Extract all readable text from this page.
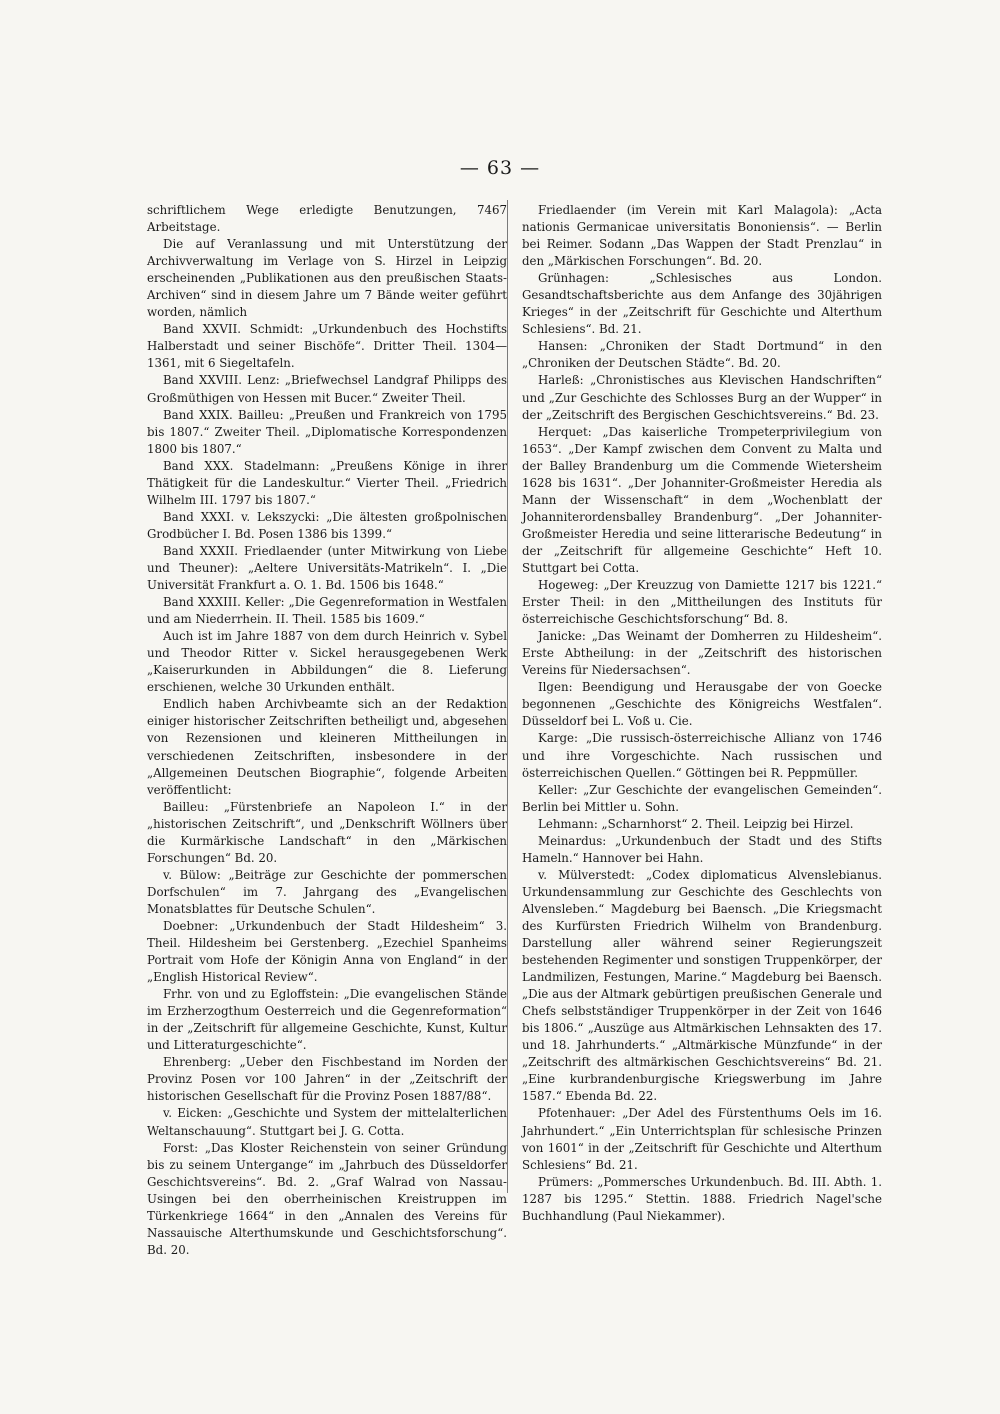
— 63 —

schriftlichem Wege erledigte Benutzungen, 7467 Arbeitstage.

Die auf Veranlassung und mit Unterstützung der Archivverwaltung im Verlage von S. Hirzel in Leipzig erscheinenden „Publikationen aus den preußischen Staats-Archiven“ sind in diesem Jahre um 7 Bände weiter geführt worden, nämlich

Band XXVII. Schmidt: „Urkundenbuch des Hochstifts Halberstadt und seiner Bischöfe“. Dritter Theil. 1304—1361, mit 6 Siegeltafeln.

Band XXVIII. Lenz: „Briefwechsel Landgraf Philipps des Großmüthigen von Hessen mit Bucer.“ Zweiter Theil.

Band XXIX. Bailleu: „Preußen und Frankreich von 1795 bis 1807.“ Zweiter Theil. „Diplomatische Korrespondenzen 1800 bis 1807.“

Band XXX. Stadelmann: „Preußens Könige in ihrer Thätigkeit für die Landeskultur.“ Vierter Theil. „Friedrich Wilhelm III. 1797 bis 1807.“

Band XXXI. v. Lekszycki: „Die ältesten großpolnischen Grodbücher I. Bd. Posen 1386 bis 1399.“

Band XXXII. Friedlaender (unter Mitwirkung von Liebe und Theuner): „Aeltere Universitäts-Matrikeln“. I. „Die Universität Frankfurt a. O. 1. Bd. 1506 bis 1648.“

Band XXXIII. Keller: „Die Gegenreformation in Westfalen und am Niederrhein. II. Theil. 1585 bis 1609.“

Auch ist im Jahre 1887 von dem durch Heinrich v. Sybel und Theodor Ritter v. Sickel herausgegebenen Werk „Kaiserurkunden in Abbildungen“ die 8. Lieferung erschienen, welche 30 Urkunden enthält.

Endlich haben Archivbeamte sich an der Redaktion einiger historischer Zeitschriften betheiligt und, abgesehen von Rezensionen und kleineren Mittheilungen in verschiedenen Zeitschriften, insbesondere in der „Allgemeinen Deutschen Biographie“, folgende Arbeiten veröffentlicht:

Bailleu: „Fürstenbriefe an Napoleon I.“ in der „historischen Zeitschrift“, und „Denkschrift Wöllners über die Kurmärkische Landschaft“ in den „Märkischen Forschungen“ Bd. 20.

v. Bülow: „Beiträge zur Geschichte der pommerschen Dorfschulen“ im 7. Jahrgang des „Evangelischen Monatsblattes für Deutsche Schulen“.

Doebner: „Urkundenbuch der Stadt Hildesheim“ 3. Theil. Hildesheim bei Gerstenberg. „Ezechiel Spanheims Portrait vom Hofe der Königin Anna von England“ in der „English Historical Review“.

Frhr. von und zu Egloffstein: „Die evangelischen Stände im Erzherzogthum Oesterreich und die Gegenreformation“ in der „Zeitschrift für allgemeine Geschichte, Kunst, Kultur und Litteraturgeschichte“.

Ehrenberg: „Ueber den Fischbestand im Norden der Provinz Posen vor 100 Jahren“ in der „Zeitschrift der historischen Gesellschaft für die Provinz Posen 1887/88“.

v. Eicken: „Geschichte und System der mittelalterlichen Weltanschauung“. Stuttgart bei J. G. Cotta.

Forst: „Das Kloster Reichenstein von seiner Gründung bis zu seinem Untergange“ im „Jahrbuch des Düsseldorfer Geschichtsvereins“. Bd. 2. „Graf Walrad von Nassau-Usingen bei den oberrheinischen Kreistruppen im Türkenkriege 1664“ in den „Annalen des Vereins für Nassauische Alterthumskunde und Geschichtsforschung“. Bd. 20.

Friedlaender (im Verein mit Karl Malagola): „Acta nationis Germanicae universitatis Bononiensis“. — Berlin bei Reimer. Sodann „Das Wappen der Stadt Prenzlau“ in den „Märkischen Forschungen“. Bd. 20.

Grünhagen: „Schlesisches aus London. Gesandtschaftsberichte aus dem Anfange des 30jährigen Krieges“ in der „Zeitschrift für Geschichte und Alterthum Schlesiens“. Bd. 21.

Hansen: „Chroniken der Stadt Dortmund“ in den „Chroniken der Deutschen Städte“. Bd. 20.

Harleß: „Chronistisches aus Klevischen Handschriften“ und „Zur Geschichte des Schlosses Burg an der Wupper“ in der „Zeitschrift des Bergischen Geschichtsvereins.“ Bd. 23.

Herquet: „Das kaiserliche Trompeterprivilegium von 1653“. „Der Kampf zwischen dem Convent zu Malta und der Balley Brandenburg um die Commende Wietersheim 1628 bis 1631“. „Der Johanniter-Großmeister Heredia als Mann der Wissenschaft“ in dem „Wochenblatt der Johanniterordensballey Brandenburg“. „Der Johanniter-Großmeister Heredia und seine litterarische Bedeutung“ in der „Zeitschrift für allgemeine Geschichte“ Heft 10. Stuttgart bei Cotta.

Hogeweg: „Der Kreuzzug von Damiette 1217 bis 1221.“ Erster Theil: in den „Mittheilungen des Instituts für österreichische Geschichtsforschung“ Bd. 8.

Janicke: „Das Weinamt der Domherren zu Hildesheim“. Erste Abtheilung: in der „Zeitschrift des historischen Vereins für Niedersachsen“.

Ilgen: Beendigung und Herausgabe der von Goecke begonnenen „Geschichte des Königreichs Westfalen“. Düsseldorf bei L. Voß u. Cie.

Karge: „Die russisch-österreichische Allianz von 1746 und ihre Vorgeschichte. Nach russischen und österreichischen Quellen.“ Göttingen bei R. Peppmüller.

Keller: „Zur Geschichte der evangelischen Gemeinden“. Berlin bei Mittler u. Sohn.

Lehmann: „Scharnhorst“ 2. Theil. Leipzig bei Hirzel.

Meinardus: „Urkundenbuch der Stadt und des Stifts Hameln.“ Hannover bei Hahn.

v. Mülverstedt: „Codex diplomaticus Alvenslebianus. Urkundensammlung zur Geschichte des Geschlechts von Alvensleben.“ Magdeburg bei Baensch. „Die Kriegsmacht des Kurfürsten Friedrich Wilhelm von Brandenburg. Darstellung aller während seiner Regierungszeit bestehenden Regimenter und sonstigen Truppenkörper, der Landmilizen, Festungen, Marine.“ Magdeburg bei Baensch. „Die aus der Altmark gebürtigen preußischen Generale und Chefs selbstständiger Truppenkörper in der Zeit von 1646 bis 1806.“ „Auszüge aus Altmärkischen Lehnsakten des 17. und 18. Jahrhunderts.“ „Altmärkische Münzfunde“ in der „Zeitschrift des altmärkischen Geschichtsvereins“ Bd. 21. „Eine kurbrandenburgische Kriegswerbung im Jahre 1587.“ Ebenda Bd. 22.

Pfotenhauer: „Der Adel des Fürstenthums Oels im 16. Jahrhundert.“ „Ein Unterrichtsplan für schlesische Prinzen von 1601“ in der „Zeitschrift für Geschichte und Alterthum Schlesiens“ Bd. 21.

Prümers: „Pommersches Urkundenbuch. Bd. III. Abth. 1. 1287 bis 1295.“ Stettin. 1888. Friedrich Nagel'sche Buchhandlung (Paul Niekammer).
